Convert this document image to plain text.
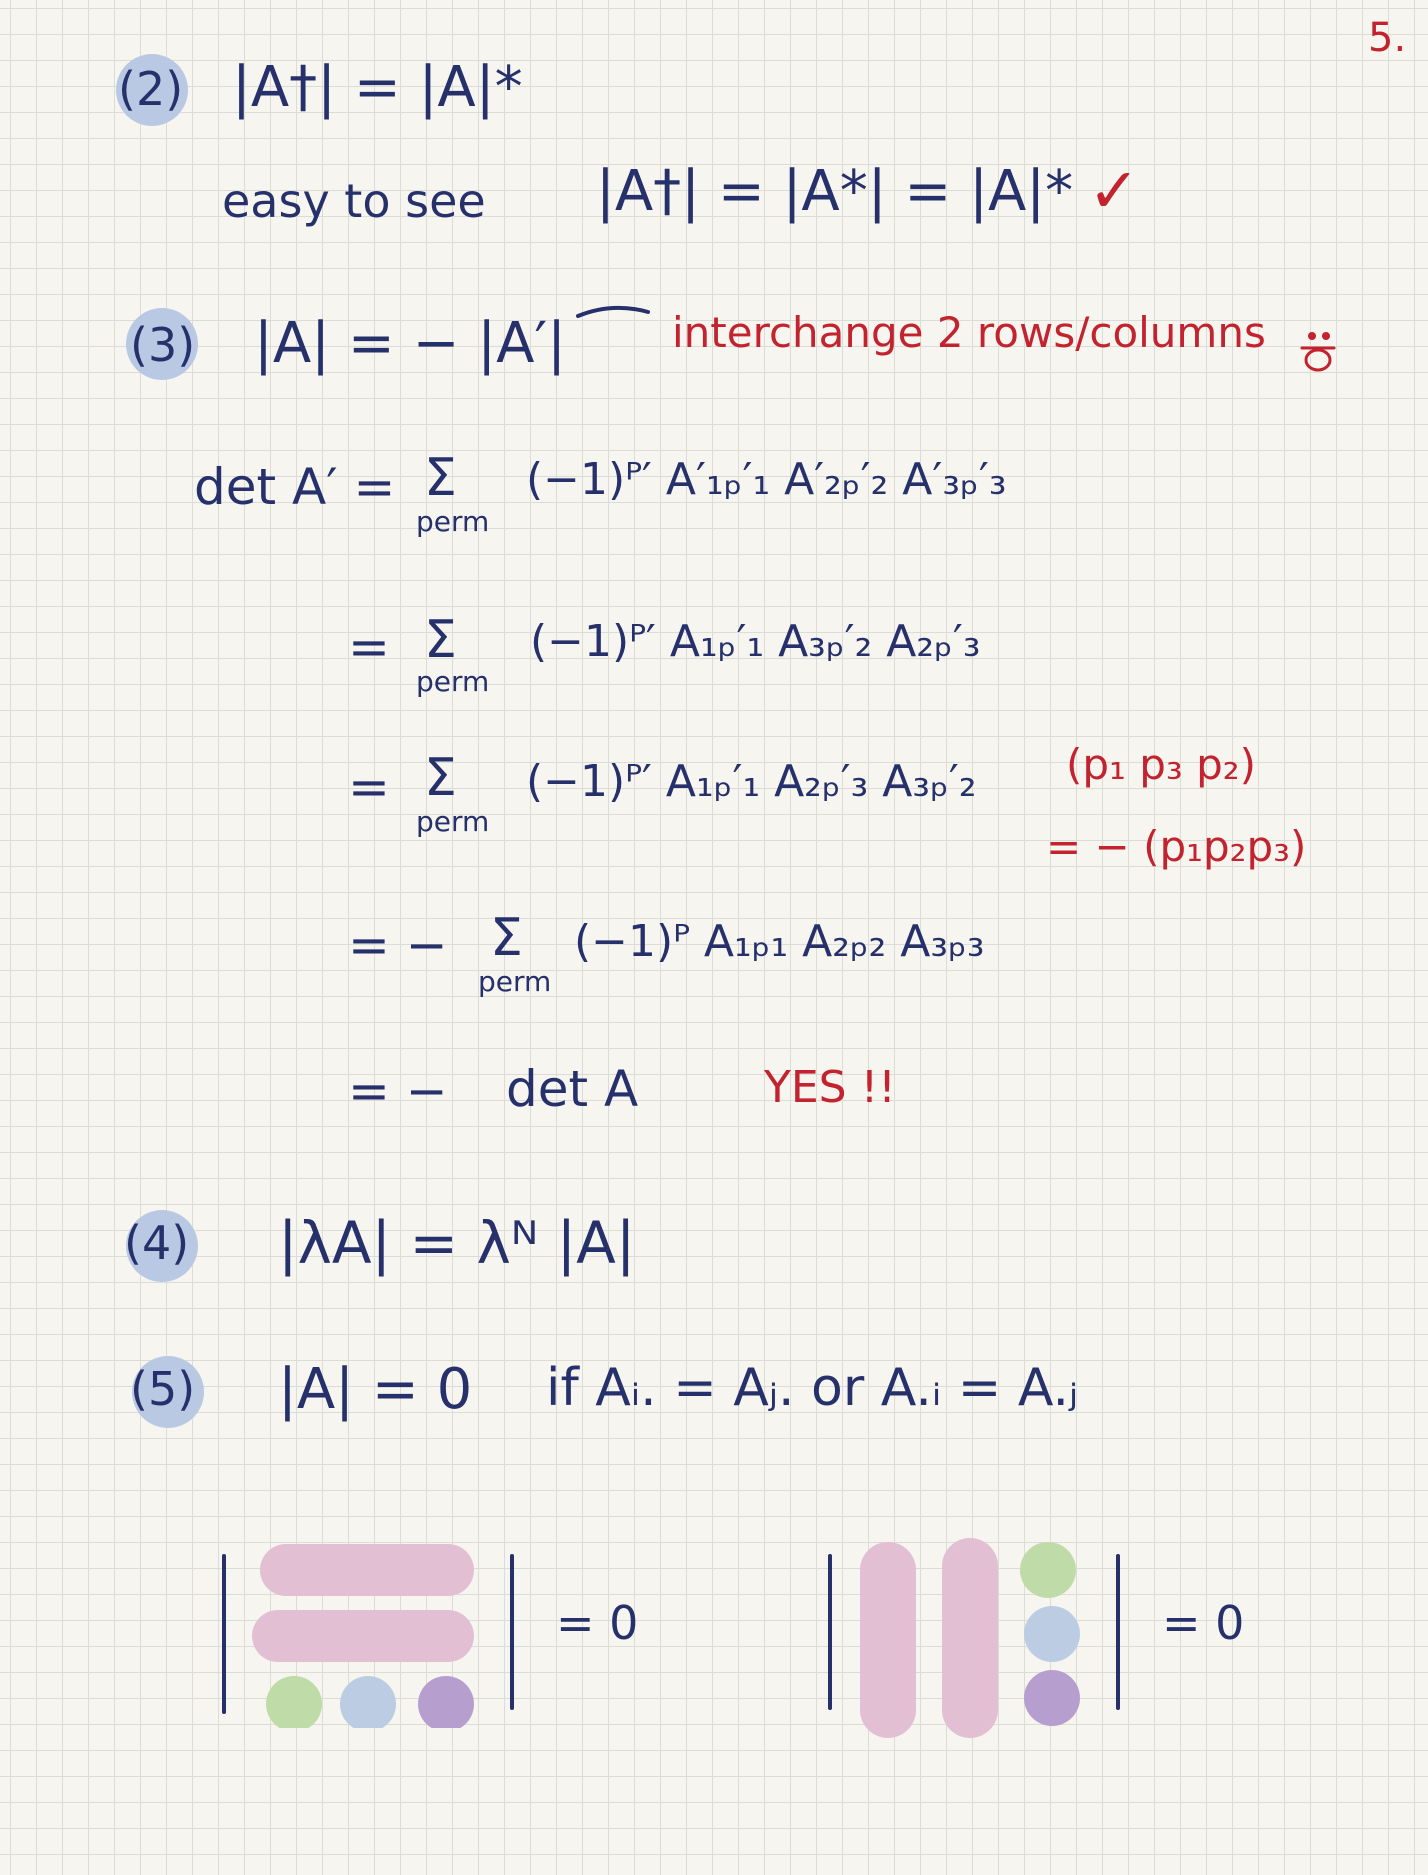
5.
(2) |A†| = |A|*
easy to see |A†| = |A*| = |A|* ✓
(3) |A| = − |A′|	interchange 2 rows/columns
det A′ = Σ
perm
(−1)ᴾ′ A′₁ₚ′₁ A′₂ₚ′₂ A′₃ₚ′₃
= Σ
perm
(−1)ᴾ′ A₁ₚ′₁ A₃ₚ′₂ A₂ₚ′₃
= Σ
perm
(−1)ᴾ′ A₁ₚ′₁ A₂ₚ′₃ A₃ₚ′₂ (p₁ p₃ p₂)
= − (p₁p₂p₃)
= − Σ
perm
(−1)ᴾ A₁ₚ₁ A₂ₚ₂ A₃ₚ₃
= − det A	YES !!
(4) |λA| = λᴺ |A|
(5) |A| = 0 if Aᵢ. = Aⱼ. or A.ᵢ = A.ⱼ
= 0	= 0
